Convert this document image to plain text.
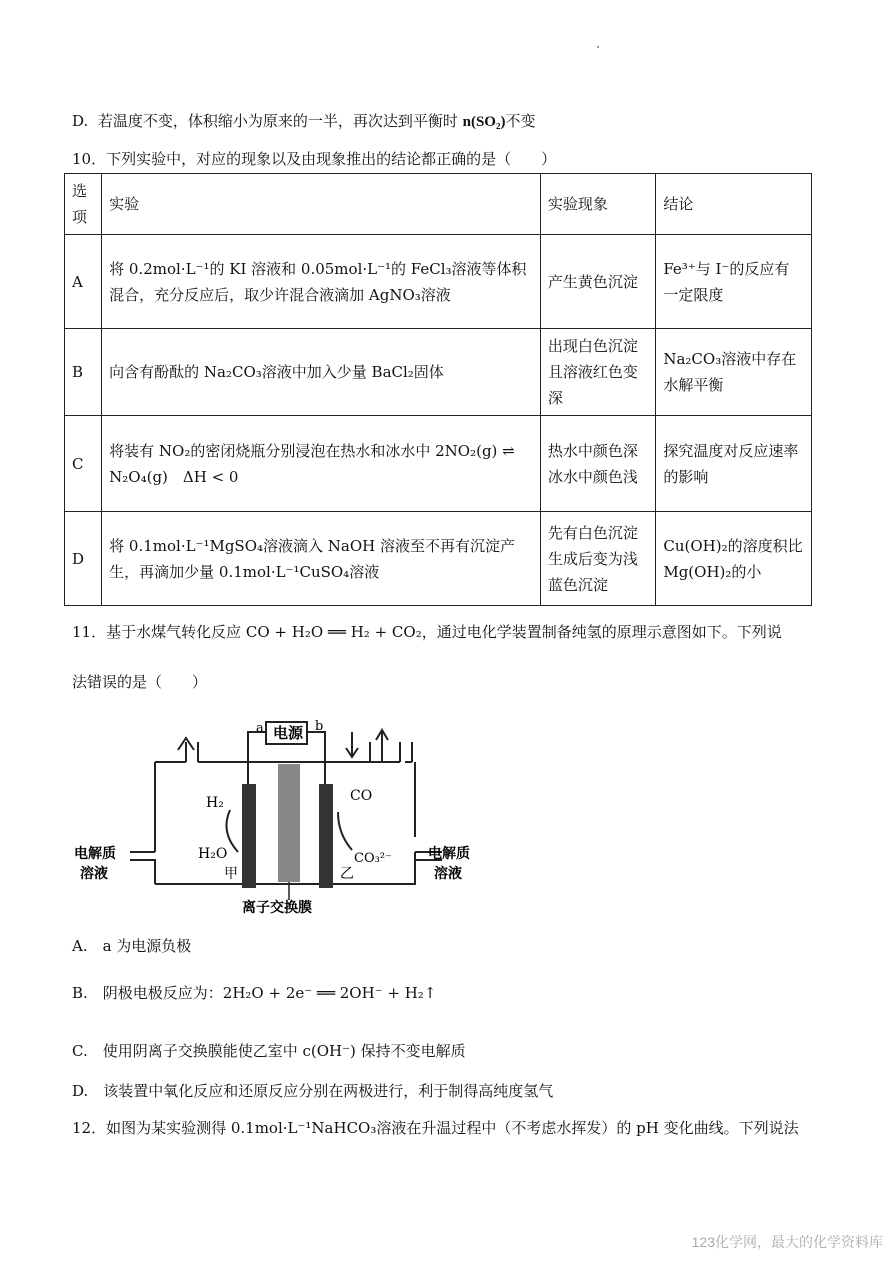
D. 若温度不变，体积缩小为原来的一半，再次达到平衡时 n(SO₂)不变
10．下列实验中，对应的现象以及由现象推出的结论都正确的是（　　）
选项	实验	实验现象	结论
A	将 0.2mol·L⁻¹的 KI 溶液和 0.05mol·L⁻¹的 FeCl₃溶液等体积混合，充分反应后，取少许混合液滴加 AgNO₃溶液	产生黄色沉淀	Fe³⁺与 I⁻的反应有一定限度
B	向含有酚酞的 Na₂CO₃溶液中加入少量 BaCl₂固体	出现白色沉淀且溶液红色变深	Na₂CO₃溶液中存在水解平衡
C	将装有 NO₂的密闭烧瓶分别浸泡在热水和冰水中 2NO₂(g) ⇌ N₂O₄(g)　ΔH < 0	热水中颜色深冰水中颜色浅	探究温度对反应速率的影响
D	将 0.1mol·L⁻¹MgSO₄溶液滴入 NaOH 溶液至不再有沉淀产生，再滴加少量 0.1mol·L⁻¹CuSO₄溶液	先有白色沉淀生成后变为浅蓝色沉淀	Cu(OH)₂的溶度积比 Mg(OH)₂的小
11．基于水煤气转化反应 CO + H₂O ══ H₂ + CO₂，通过电化学装置制备纯氢的原理示意图如下。下列说
法错误的是（　　）
电源
a	b
H₂
H₂O
CO
CO₃²⁻
甲	乙
电解质
溶液
电解质
溶液
离子交换膜
A.　a 为电源负极
B.　阴极电极反应为：2H₂O + 2e⁻ ══ 2OH⁻ + H₂↑
C.　使用阴离子交换膜能使乙室中 c(OH⁻) 保持不变电解质
D.　该装置中氧化反应和还原反应分别在两极进行，利于制得高纯度氢气
12．如图为某实验测得 0.1mol·L⁻¹NaHCO₃溶液在升温过程中（不考虑水挥发）的 pH 变化曲线。下列说法
123化学网，最大的化学资料库
